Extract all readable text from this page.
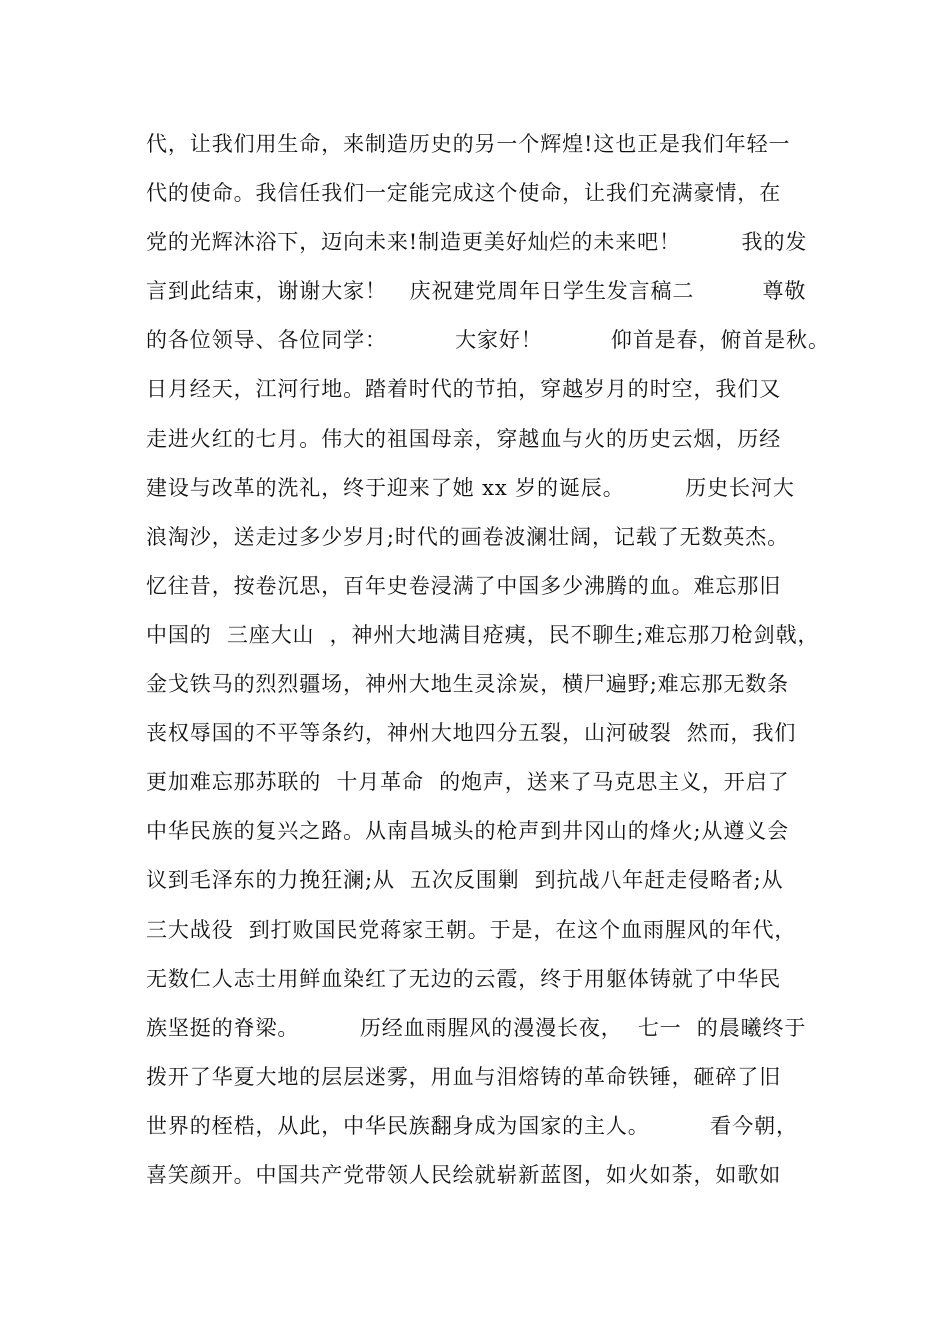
代，让我们用生命，来制造历史的另一个辉煌!这也正是我们年轻一
代的使命。我信任我们一定能完成这个使命，让我们充满豪情，在
党的光辉沐浴下，迈向未来!制造更美好灿烂的未来吧！        我的发
言到此结束，谢谢大家！   庆祝建党周年日学生发言稿二         尊敬
的各位领导、各位同学：         大家好！         仰首是春，俯首是秋。
日月经天，江河行地。踏着时代的节拍，穿越岁月的时空，我们又
走进火红的七月。伟大的祖国母亲，穿越血与火的历史云烟，历经
建设与改革的洗礼，终于迎来了她 xx 岁的诞辰。        历史长河大
浪淘沙，送走过多少岁月;时代的画卷波澜壮阔，记载了无数英杰。
忆往昔，按卷沉思，百年史卷浸满了中国多少沸腾的血。难忘那旧
中国的  三座大山  ，神州大地满目疮痍，民不聊生;难忘那刀枪剑戟，
金戈铁马的烈烈疆场，神州大地生灵涂炭，横尸遍野;难忘那无数条
丧权辱国的不平等条约，神州大地四分五裂，山河破裂  然而，我们
更加难忘那苏联的  十月革命  的炮声，送来了马克思主义，开启了
中华民族的复兴之路。从南昌城头的枪声到井冈山的烽火;从遵义会
议到毛泽东的力挽狂澜;从  五次反围剿  到抗战八年赶走侵略者;从
三大战役  到打败国民党蒋家王朝。于是，在这个血雨腥风的年代，
无数仁人志士用鲜血染红了无边的云霞，终于用躯体铸就了中华民
族坚挺的脊梁。        历经血雨腥风的漫漫长夜，  七一  的晨曦终于
拨开了华夏大地的层层迷雾，用血与泪熔铸的革命铁锤，砸碎了旧
世界的桎梏，从此，中华民族翻身成为国家的主人。        看今朝，
喜笑颜开。中国共产党带领人民绘就崭新蓝图，如火如荼，如歌如
